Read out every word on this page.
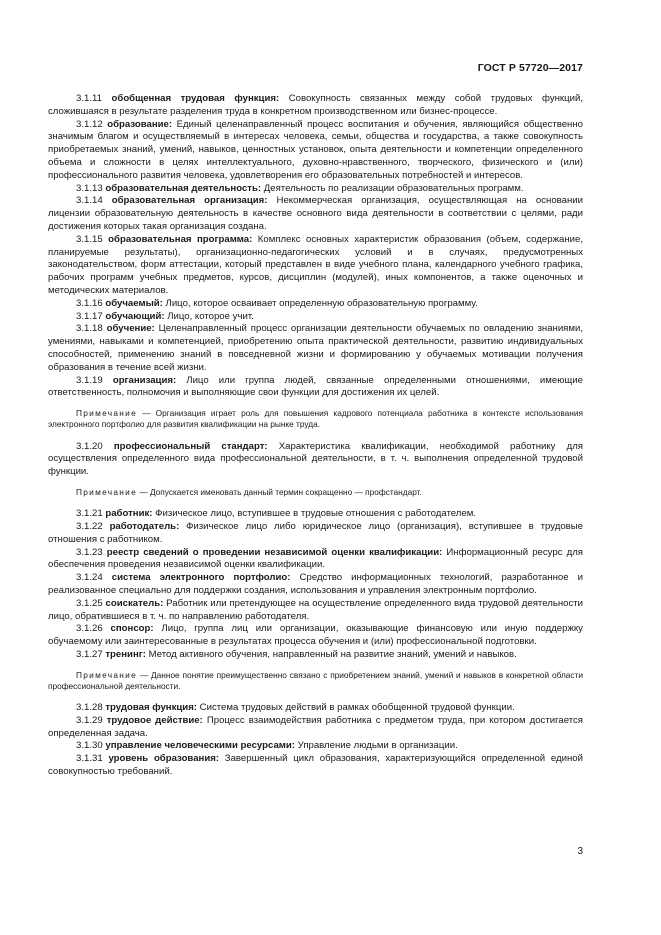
ГОСТ Р 57720—2017

3.1.11 обобщенная трудовая функция: Совокупность связанных между собой трудовых функций, сложившаяся в результате разделения труда в конкретном производственном или бизнес-процессе.

3.1.12 образование: Единый целенаправленный процесс воспитания и обучения, являющийся общественно значимым благом и осуществляемый в интересах человека, семьи, общества и государства, а также совокупность приобретаемых знаний, умений, навыков, ценностных установок, опыта деятельности и компетенции определенного объема и сложности в целях интеллектуального, духовно-нравственного, творческого, физического и (или) профессионального развития человека, удовлетворения его образовательных потребностей и интересов.

3.1.13 образовательная деятельность: Деятельность по реализации образовательных программ.

3.1.14 образовательная организация: Некоммерческая организация, осуществляющая на основании лицензии образовательную деятельность в качестве основного вида деятельности в соответствии с целями, ради достижения которых такая организация создана.

3.1.15 образовательная программа: Комплекс основных характеристик образования (объем, содержание, планируемые результаты), организационно-педагогических условий и в случаях, предусмотренных законодательством, форм аттестации, который представлен в виде учебного плана, календарного учебного графика, рабочих программ учебных предметов, курсов, дисциплин (модулей), иных компонентов, а также оценочных и методических материалов.

3.1.16 обучаемый: Лицо, которое осваивает определенную образовательную программу.

3.1.17 обучающий: Лицо, которое учит.

3.1.18 обучение: Целенаправленный процесс организации деятельности обучаемых по овладению знаниями, умениями, навыками и компетенцией, приобретению опыта практической деятельности, развитию индивидуальных способностей, применению знаний в повседневной жизни и формированию у обучаемых мотивации получения образования в течение всей жизни.

3.1.19 организация: Лицо или группа людей, связанные определенными отношениями, имеющие ответственность, полномочия и выполняющие свои функции для достижения их целей.

Примечание — Организация играет роль для повышения кадрового потенциала работника в контексте использования электронного портфолио для развития квалификации на рынке труда.

3.1.20 профессиональный стандарт: Характеристика квалификации, необходимой работнику для осуществления определенного вида профессиональной деятельности, в т. ч. выполнения определенной трудовой функции.

Примечание — Допускается именовать данный термин сокращенно — профстандарт.

3.1.21 работник: Физическое лицо, вступившее в трудовые отношения с работодателем.

3.1.22 работодатель: Физическое лицо либо юридическое лицо (организация), вступившее в трудовые отношения с работником.

3.1.23 реестр сведений о проведении независимой оценки квалификации: Информационный ресурс для обеспечения проведения независимой оценки квалификации.

3.1.24 система электронного портфолио: Средство информационных технологий, разработанное и реализованное специально для поддержки создания, использования и управления электронным портфолио.

3.1.25 соискатель: Работник или претендующее на осуществление определенного вида трудовой деятельности лицо, обратившиеся в т. ч. по направлению работодателя.

3.1.26 спонсор: Лицо, группа лиц или организации, оказывающие финансовую или иную поддержку обучаемому или заинтересованные в результатах процесса обучения и (или) профессиональной подготовки.

3.1.27 тренинг: Метод активного обучения, направленный на развитие знаний, умений и навыков.

Примечание — Данное понятие преимущественно связано с приобретением знаний, умений и навыков в конкретной области профессиональной деятельности.

3.1.28 трудовая функция: Система трудовых действий в рамках обобщенной трудовой функции.

3.1.29 трудовое действие: Процесс взаимодействия работника с предметом труда, при котором достигается определенная задача.

3.1.30 управление человеческими ресурсами: Управление людьми в организации.

3.1.31 уровень образования: Завершенный цикл образования, характеризующийся определенной единой совокупностью требований.

3
